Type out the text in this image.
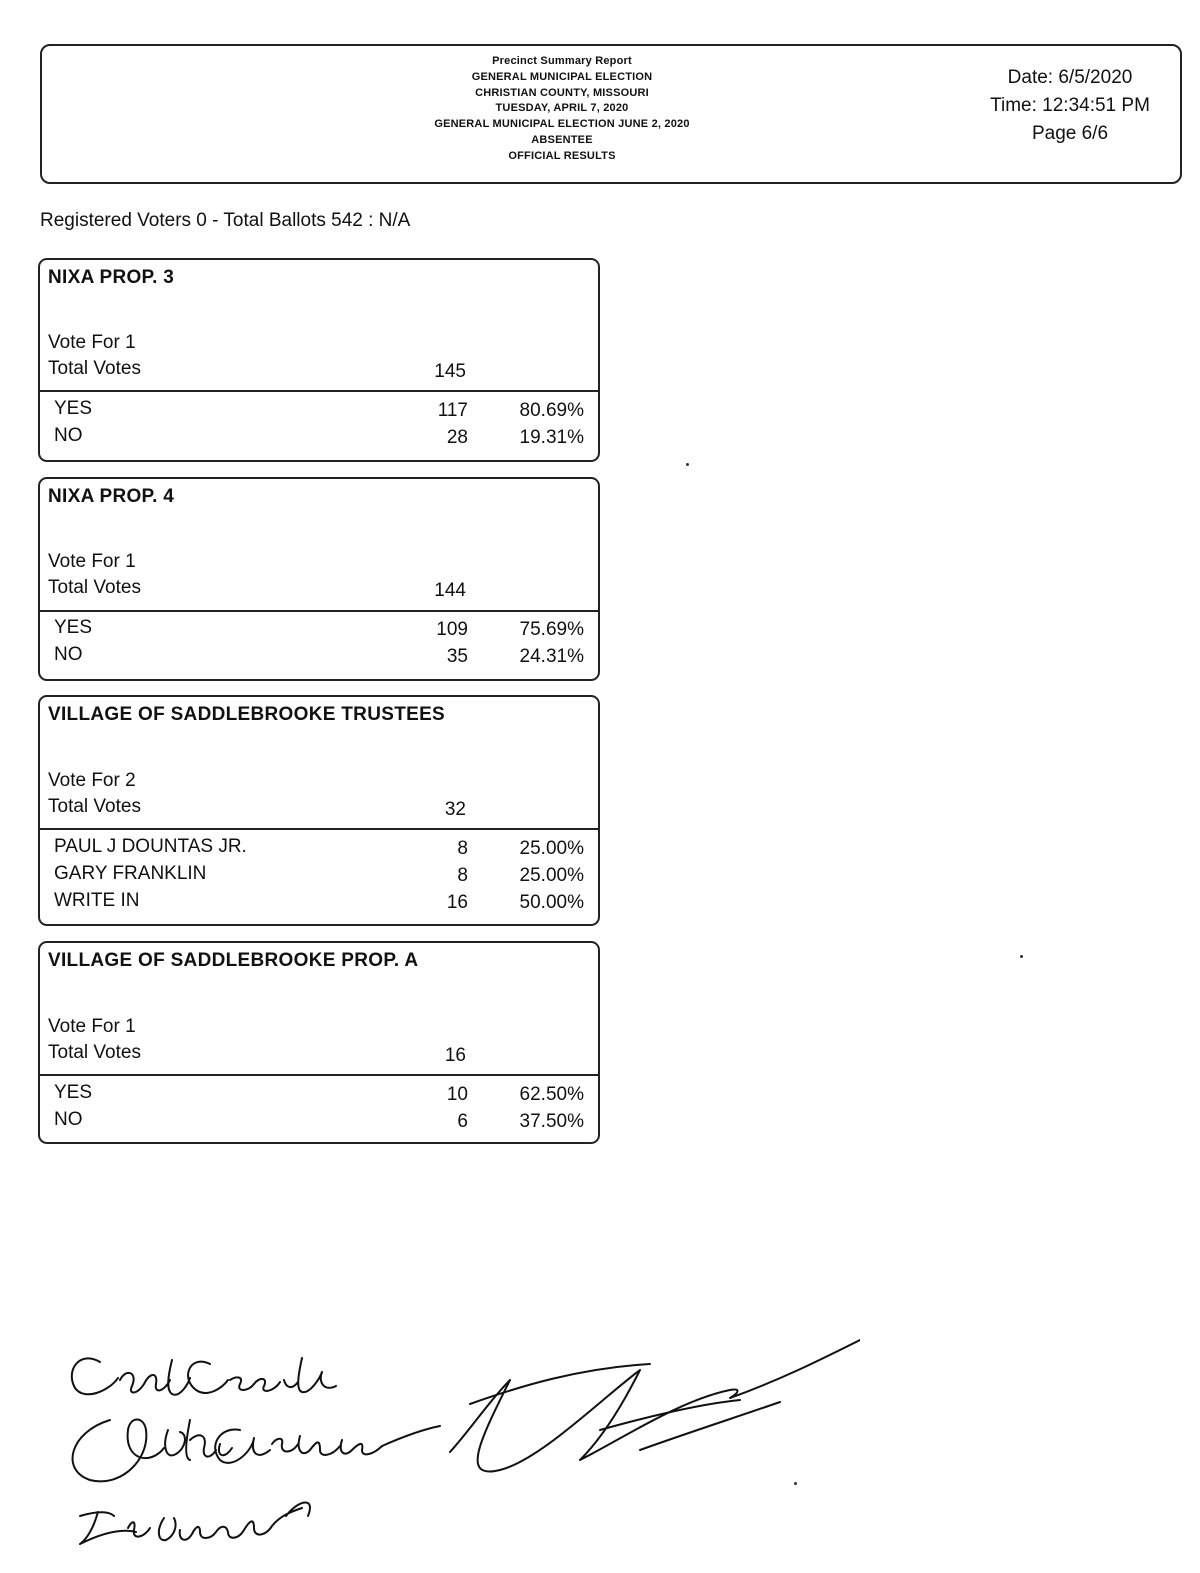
Precinct Summary Report
GENERAL MUNICIPAL ELECTION
CHRISTIAN COUNTY, MISSOURI
TUESDAY, APRIL 7, 2020
GENERAL MUNICIPAL ELECTION JUNE 2, 2020
ABSENTEE
OFFICIAL RESULTS
Date: 6/5/2020
Time: 12:34:51 PM
Page 6/6
Registered Voters 0 - Total Ballots 542 : N/A
NIXA PROP. 3
Vote For 1
Total Votes	145
YES	117	80.69%
NO	28	19.31%
NIXA PROP. 4
Vote For 1
Total Votes	144
YES	109	75.69%
NO	35	24.31%
VILLAGE OF SADDLEBROOKE TRUSTEES
Vote For 2
Total Votes	32
PAUL J DOUNTAS JR.	8	25.00%
GARY FRANKLIN	8	25.00%
WRITE IN	16	50.00%
VILLAGE OF SADDLEBROOKE PROP. A
Vote For 1
Total Votes	16
YES	10	62.50%
NO	6	37.50%
